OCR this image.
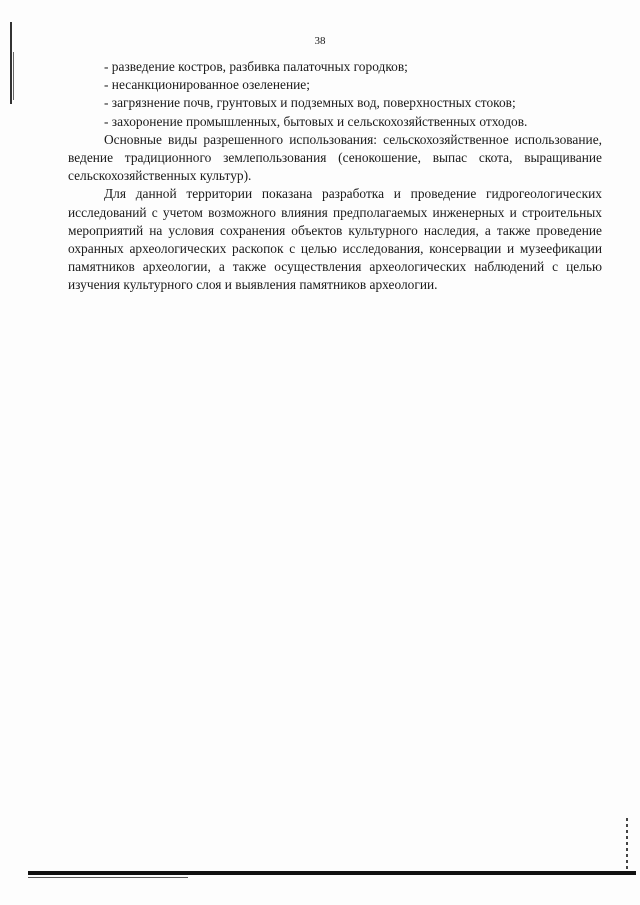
38
- разведение костров, разбивка палаточных городков;
- несанкционированное озеленение;
- загрязнение почв, грунтовых и подземных вод, поверхностных стоков;
- захоронение промышленных, бытовых и сельскохозяйственных отходов.

Основные виды разрешенного использования: сельскохозяйственное использование, ведение традиционного землепользования (сенокошение, выпас скота, выращивание сельскохозяйственных культур).

Для данной территории показана разработка и проведение гидрогеологических исследований с учетом возможного влияния предполагаемых инженерных и строительных мероприятий на условия сохранения объектов культурного наследия, а также проведение охранных археологических раскопок с целью исследования, консервации и музеефикации памятников археологии, а также осуществления археологических наблюдений с целью изучения культурного слоя и выявления памятников археологии.
